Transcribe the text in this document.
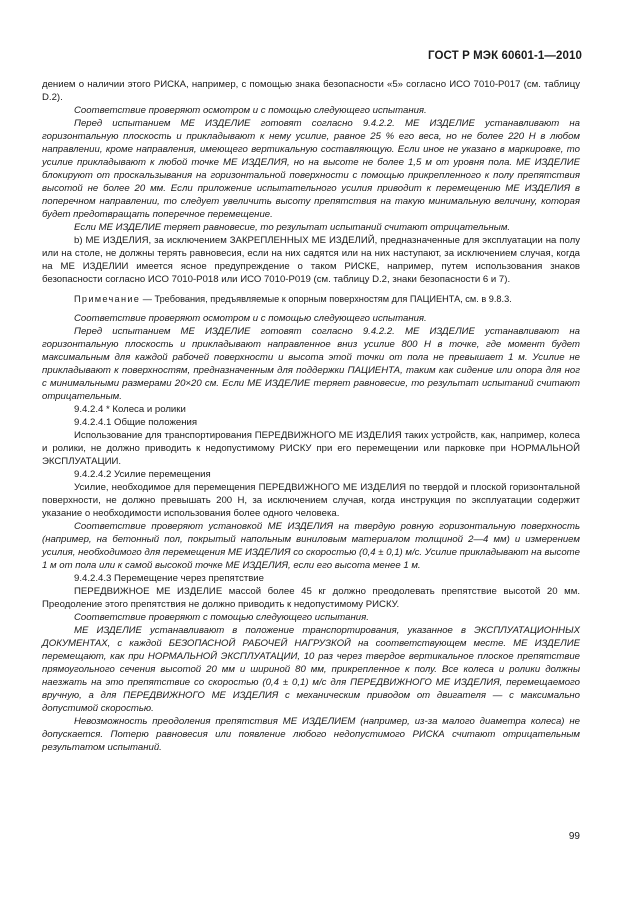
ГОСТ Р МЭК 60601-1—2010

дением о наличии этого РИСКА, например, с помощью знака безопасности «5» согласно ИСО 7010-Р017 (см. таблицу D.2).

Соответствие проверяют осмотром и с помощью следующего испытания.

Перед испытанием МЕ ИЗДЕЛИЕ готовят согласно 9.4.2.2. МЕ ИЗДЕЛИЕ устанавливают на горизонтальную плоскость и прикладывают к нему усилие, равное 25 % его веса, но не более 220 Н в любом направлении, кроме направления, имеющего вертикальную составляющую. Если иное не указано в маркировке, то усилие прикладывают к любой точке МЕ ИЗДЕЛИЯ, но на высоте не более 1,5 м от уровня пола. МЕ ИЗДЕЛИЕ блокируют от проскальзывания на горизонтальной поверхности с помощью прикрепленного к полу препятствия высотой не более 20 мм. Если приложение испытательного усилия приводит к перемещению МЕ ИЗДЕЛИЯ в поперечном направлении, то следует увеличить высоту препятствия на такую минимальную величину, которая будет предотвращать поперечное перемещение.

Если МЕ ИЗДЕЛИЕ теряет равновесие, то результат испытаний считают отрицательным.

b) МЕ ИЗДЕЛИЯ, за исключением ЗАКРЕПЛЕННЫХ МЕ ИЗДЕЛИЙ, предназначенные для эксплуатации на полу или на столе, не должны терять равновесия, если на них садятся или на них наступают, за исключением случая, когда на МЕ ИЗДЕЛИИ имеется ясное предупреждение о таком РИСКЕ, например, путем использования знаков безопасности согласно ИСО 7010-Р018 или ИСО 7010-Р019 (см. таблицу D.2, знаки безопасности 6 и 7).

Примечание — Требования, предъявляемые к опорным поверхностям для ПАЦИЕНТА, см. в 9.8.3.

Соответствие проверяют осмотром и с помощью следующего испытания.

Перед испытанием МЕ ИЗДЕЛИЕ готовят согласно 9.4.2.2. МЕ ИЗДЕЛИЕ устанавливают на горизонтальную плоскость и прикладывают направленное вниз усилие 800 Н в точке, где момент будет максимальным для каждой рабочей поверхности и высота этой точки от пола не превышает 1 м. Усилие не прикладывают к поверхностям, предназначенным для поддержки ПАЦИЕНТА, таким как сидение или опора для ног с минимальными размерами 20×20 см. Если МЕ ИЗДЕЛИЕ теряет равновесие, то результат испытаний считают отрицательным.

9.4.2.4 * Колеса и ролики

9.4.2.4.1 Общие положения

Использование для транспортирования ПЕРЕДВИЖНОГО МЕ ИЗДЕЛИЯ таких устройств, как, например, колеса и ролики, не должно приводить к недопустимому РИСКУ при его перемещении или парковке при НОРМАЛЬНОЙ ЭКСПЛУАТАЦИИ.

9.4.2.4.2 Усилие перемещения

Усилие, необходимое для перемещения ПЕРЕДВИЖНОГО МЕ ИЗДЕЛИЯ по твердой и плоской горизонтальной поверхности, не должно превышать 200 Н, за исключением случая, когда инструкция по эксплуатации содержит указание о необходимости использования более одного человека.

Соответствие проверяют установкой МЕ ИЗДЕЛИЯ на твердую ровную горизонтальную поверхность (например, на бетонный пол, покрытый напольным виниловым материалом толщиной 2—4 мм) и измерением усилия, необходимого для перемещения МЕ ИЗДЕЛИЯ со скоростью (0,4 ± 0,1) м/с. Усилие прикладывают на высоте 1 м от пола или к самой высокой точке МЕ ИЗДЕЛИЯ, если его высота менее 1 м.

9.4.2.4.3 Перемещение через препятствие

ПЕРЕДВИЖНОЕ МЕ ИЗДЕЛИЕ массой более 45 кг должно преодолевать препятствие высотой 20 мм. Преодоление этого препятствия не должно приводить к недопустимому РИСКУ.

Соответствие проверяют с помощью следующего испытания.

МЕ ИЗДЕЛИЕ устанавливают в положение транспортирования, указанное в ЭКСПЛУАТАЦИОННЫХ ДОКУМЕНТАХ, с каждой БЕЗОПАСНОЙ РАБОЧЕЙ НАГРУЗКОЙ на соответствующем месте. МЕ ИЗДЕЛИЕ перемещают, как при НОРМАЛЬНОЙ ЭКСПЛУАТАЦИИ, 10 раз через твердое вертикальное плоское препятствие прямоугольного сечения высотой 20 мм и шириной 80 мм, прикрепленное к полу. Все колеса и ролики должны наезжать на это препятствие со скоростью (0,4 ± 0,1) м/с для ПЕРЕДВИЖНОГО МЕ ИЗДЕЛИЯ, перемещаемого вручную, а для ПЕРЕДВИЖНОГО МЕ ИЗДЕЛИЯ с механическим приводом от двигателя — с максимально допустимой скоростью.

Невозможность преодоления препятствия МЕ ИЗДЕЛИЕМ (например, из-за малого диаметра колеса) не допускается. Потерю равновесия или появление любого недопустимого РИСКА считают отрицательным результатом испытаний.

99
